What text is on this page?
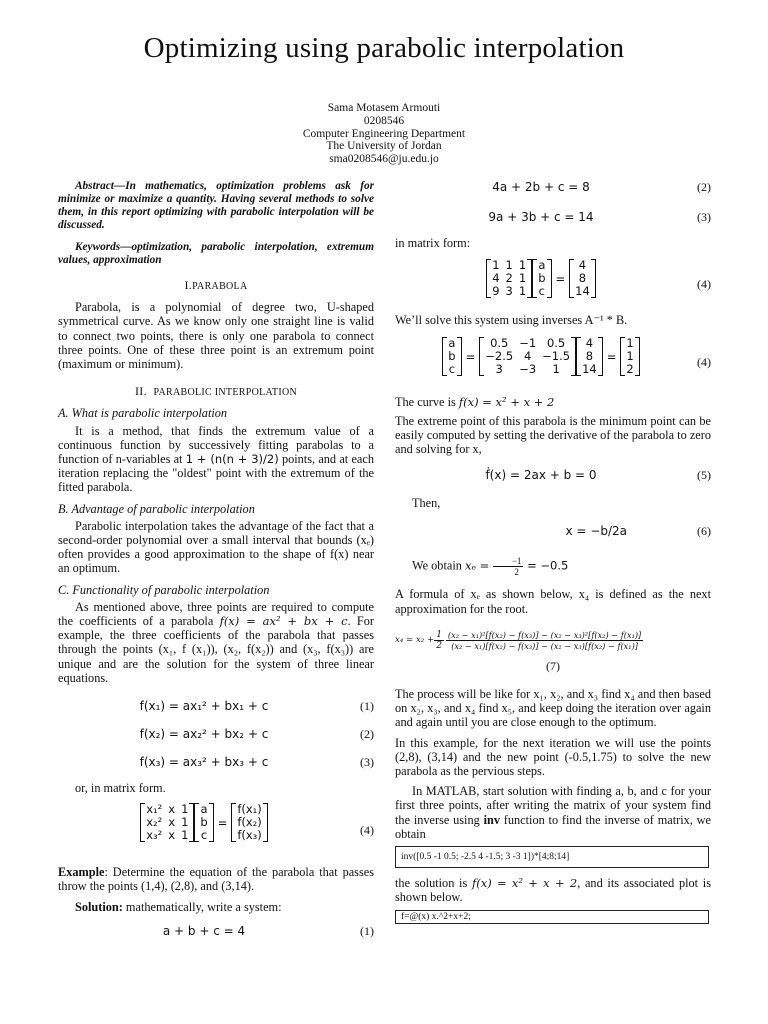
Optimizing using parabolic interpolation
Sama Motasem Armouti
0208546
Computer Engineering Department
The University of Jordan
sma0208546@ju.edu.jo

Abstract—In mathematics, optimization problems ask for minimize or maximize a quantity. Having several methods to solve them, in this report optimizing with parabolic interpolation will be discussed.

Keywords—optimization, parabolic interpolation, extremum values, approximation

I.PARABOLA

Parabola, is a polynomial of degree two, U-shaped symmetrical curve. As we know only one straight line is valid to connect two points, there is only one parabola to connect three points. One of these three point is an extremum point (maximum or minimum).

II. PARABOLIC INTERPOLATION
A. What is parabolic interpolation

It is a method, that finds the extremum value of a continuous function by successively fitting parabolas to a function of n-variables at 1 + (n(n + 3)/2) points, and at each iteration replacing the "oldest" point with the extremum of the fitted parabola.

B. Advantage of parabolic interpolation

Parabolic interpolation takes the advantage of the fact that a second-order polynomial over a small interval that bounds (xₑ) often provides a good approximation to the shape of f(x) near an optimum.

C. Functionality of parabolic interpolation

As mentioned above, three points are required to compute the coefficients of a parabola f(x) = ax² + bx + c. For example, the three coefficients of the parabola that passes through the points (x₁, f (x₁)), (x₂, f(x₂)) and (x₃, f(x₃)) are unique and are the solution for the system of three linear equations.

f(x₁) = ax₁² + bx₁ + c	(1)
f(x₂) = ax₂² + bx₂ + c	(2)
f(x₃) = ax₃² + bx₃ + c	(3)

or, in matrix form.

x₁²	x	1
x₂²	x	1
x₃²	x	1
a
b
c
=
f(x₁)
f(x₂)
f(x₃)	(4)

Example: Determine the equation of the parabola that passes throw the points (1,4), (2,8), and (3,14).

Solution: mathematically, write a system:

a + b + c = 4	(1)
4a + 2b + c = 8	(2)
9a + 3b + c = 14	(3)

in matrix form:

1	1	1
4	2	1
9	3	1
a
b
c
=
4
8
14	(4)

We’ll solve this system using inverses A⁻¹ * B.

a
b
c
=
0.5	−1	0.5
−2.5	4	−1.5
3	−3	1
4
8
14
=
1
1
2	(4)

The curve is f(x) = x² + x + 2

The extreme point of this parabola is the minimum point can be easily computed by setting the derivative of the parabola to zero and solving for x,

ḟ(x) = 2ax + b = 0	(5)

Then,

x = −b/2a	(6)

We obtain $x_e = \frac{-1}{2} = -0.5$

A formula of xₑ as shown below, x₄ is defined as the next approximation for the root.

$x_4 = x_2 + \frac{1}{2} \frac{\text{(x₂ − x₁)²[f(x₂) − f(x₃)] − (x₂ − x₃)²[f(x₂) − f(x₁)]}}{\text{(x₂ − x₁)[f(x₂) − f(x₃)] − (x₂ − x₃)[f(x₂) − f(x₁)]}}$
(7)

The process will be like for x₁, x₂, and x₃ find x₄ and then based on x₂, x₃, and x₄ find x₅, and keep doing the iteration over again and again until you are close enough to the optimum.

In this example, for the next iteration we will use the points (2,8), (3,14) and the new point (-0.5,1.75) to solve the new parabola as the pervious steps.

In MATLAB, start solution with finding a, b, and c for your first three points, after writing the matrix of your system find the inverse using inv function to find the inverse of matrix, we obtain

inv([0.5 -1 0.5; -2.5 4 -1.5; 3 -3 1])*[4;8;14]

the solution is f(x) = x² + x + 2, and its associated plot is shown below.

f=@(x) x.^2+x+2;
